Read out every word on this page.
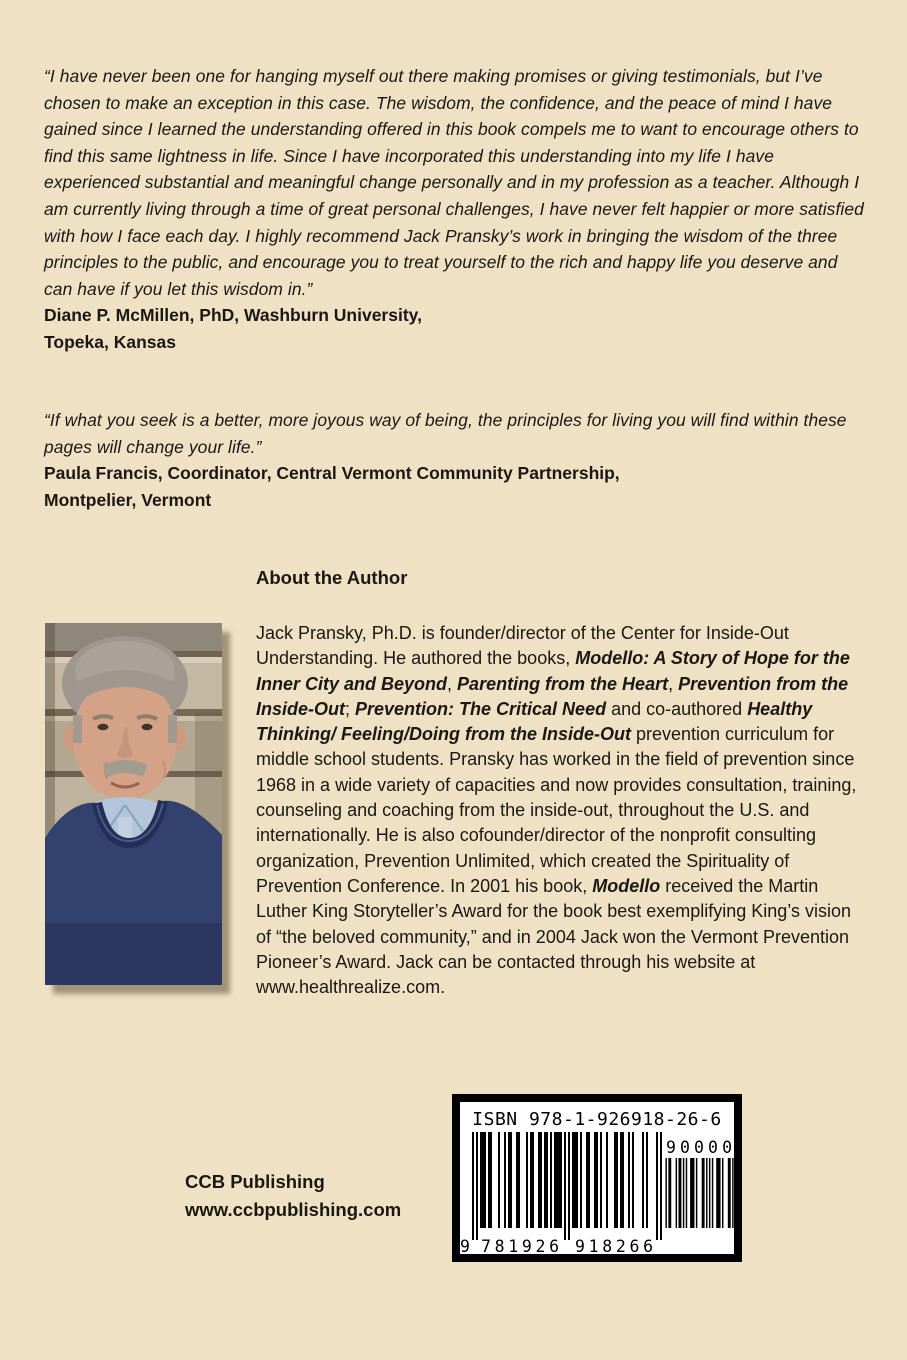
“I have never been one for hanging myself out there making promises or giving testimonials, but I’ve chosen to make an exception in this case. The wisdom, the confidence, and the peace of mind I have gained since I learned the understanding offered in this book compels me to want to encourage others to find this same lightness in life. Since I have incorporated this understanding into my life I have experienced substantial and meaningful change personally and in my profession as a teacher. Although I am currently living through a time of great personal challenges, I have never felt happier or more satisfied with how I face each day. I highly recommend Jack Pransky’s work in bringing the wisdom of the three principles to the public, and encourage you to treat yourself to the rich and happy life you deserve and can have if you let this wisdom in.”

Diane P. McMillen, PhD, Washburn University,
Topeka, Kansas

“If what you seek is a better, more joyous way of being, the principles for living you will find within these pages will change your life.”

Paula Francis, Coordinator, Central Vermont Community Partnership,
Montpelier, Vermont

About the Author
Jack Pransky, Ph.D. is founder/director of the Center for Inside-Out Understanding. He authored the books, Modello: A Story of Hope for the Inner City and Beyond, Parenting from the Heart, Prevention from the Inside-Out; Prevention: The Critical Need and co-authored Healthy Thinking/ Feeling/Doing from the Inside-Out prevention curriculum for middle school students. Pransky has worked in the field of prevention since 1968 in a wide variety of capacities and now provides consultation, training, counseling and coaching from the inside-out, throughout the U.S. and internationally. He is also cofounder/director of the nonprofit consulting organization, Prevention Unlimited, which created the Spirituality of Prevention Conference. In 2001 his book, Modello received the Martin Luther King Storyteller’s Award for the book best exemplifying King’s vision of “the beloved community,” and in 2004 Jack won the Vermont Prevention Pioneer’s Award. Jack can be contacted through his website at www.healthrealize.com.
CCB Publishing
www.ccbpublishing.com
ISBN 978-1-926918-26-6
90000
9 781926 918266
